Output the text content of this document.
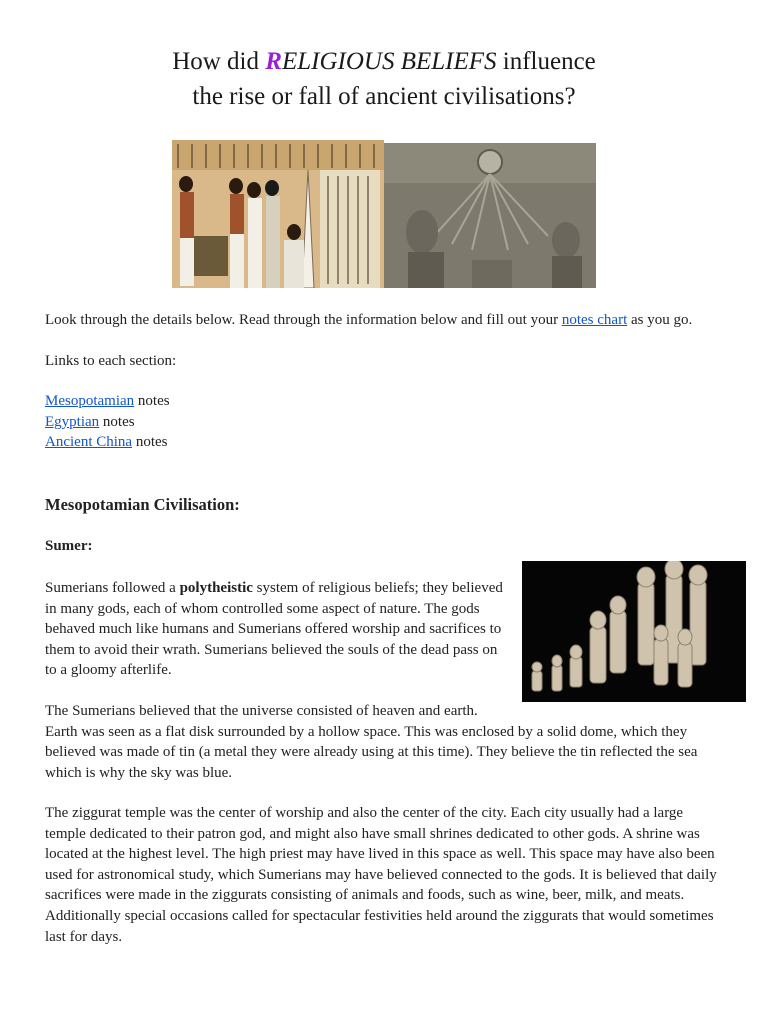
How did RELIGIOUS BELIEFS influence
the rise or fall of ancient civilisations?
Look through the details below. Read through the information below and fill out your notes chart as you go.
Links to each section:
Mesopotamian notes
Egyptian notes
Ancient China notes
Mesopotamian Civilisation:
Sumer:
Sumerians followed a polytheistic system of religious beliefs; they believed
in many gods, each of whom controlled some aspect of nature. The gods
behaved much like humans and Sumerians offered worship and sacrifices to
them to avoid their wrath. Sumerians believed the souls of the dead pass on
to a gloomy afterlife.
The Sumerians believed that the universe consisted of heaven and earth.
Earth was seen as a flat disk surrounded by a hollow space. This was enclosed by a solid dome, which they
believed was made of tin (a metal they were already using at this time). They believe the tin reflected the sea
which is why the sky was blue.
The ziggurat temple was the center of worship and also the center of the city. Each city usually had a large
temple dedicated to their patron god, and might also have small shrines dedicated to other gods. A shrine was
located at the highest level. The high priest may have lived in this space as well. This space may have also been
used for astronomical study, which Sumerians may have believed connected to the gods. It is believed that daily
sacrifices were made in the ziggurats consisting of animals and foods, such as wine, beer, milk, and meats.
Additionally special occasions called for spectacular festivities held around the ziggurats that would sometimes
last for days.
